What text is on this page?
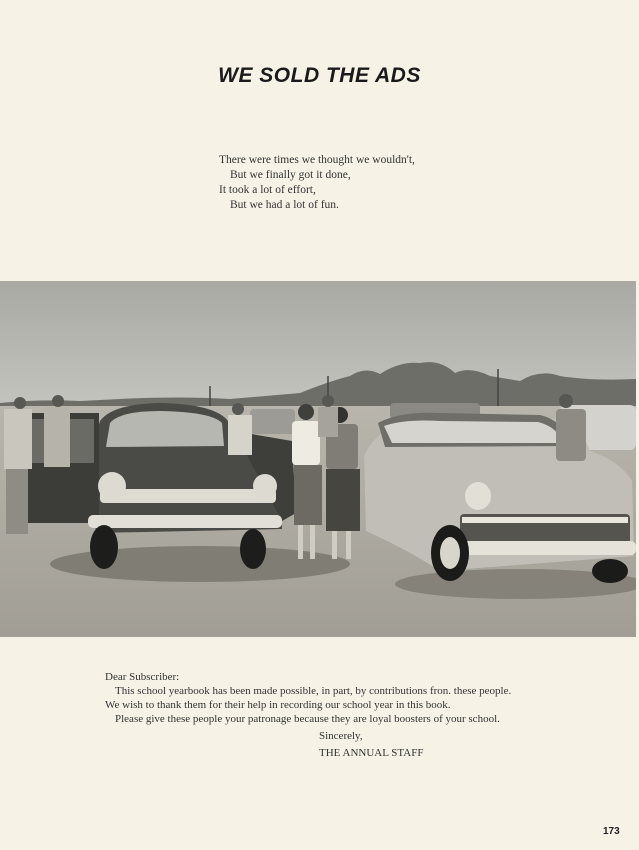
WE SOLD THE ADS
There were times we thought we wouldn't,
But we finally got it done,
It took a lot of effort,
But we had a lot of fun.
Dear Subscriber:
This school yearbook has been made possible, in part, by contributions fron. these people.
We wish to thank them for their help in recording our school year in this book.
Please give these people your patronage because they are loyal boosters of your school.
Sincerely,
THE ANNUAL STAFF
173
